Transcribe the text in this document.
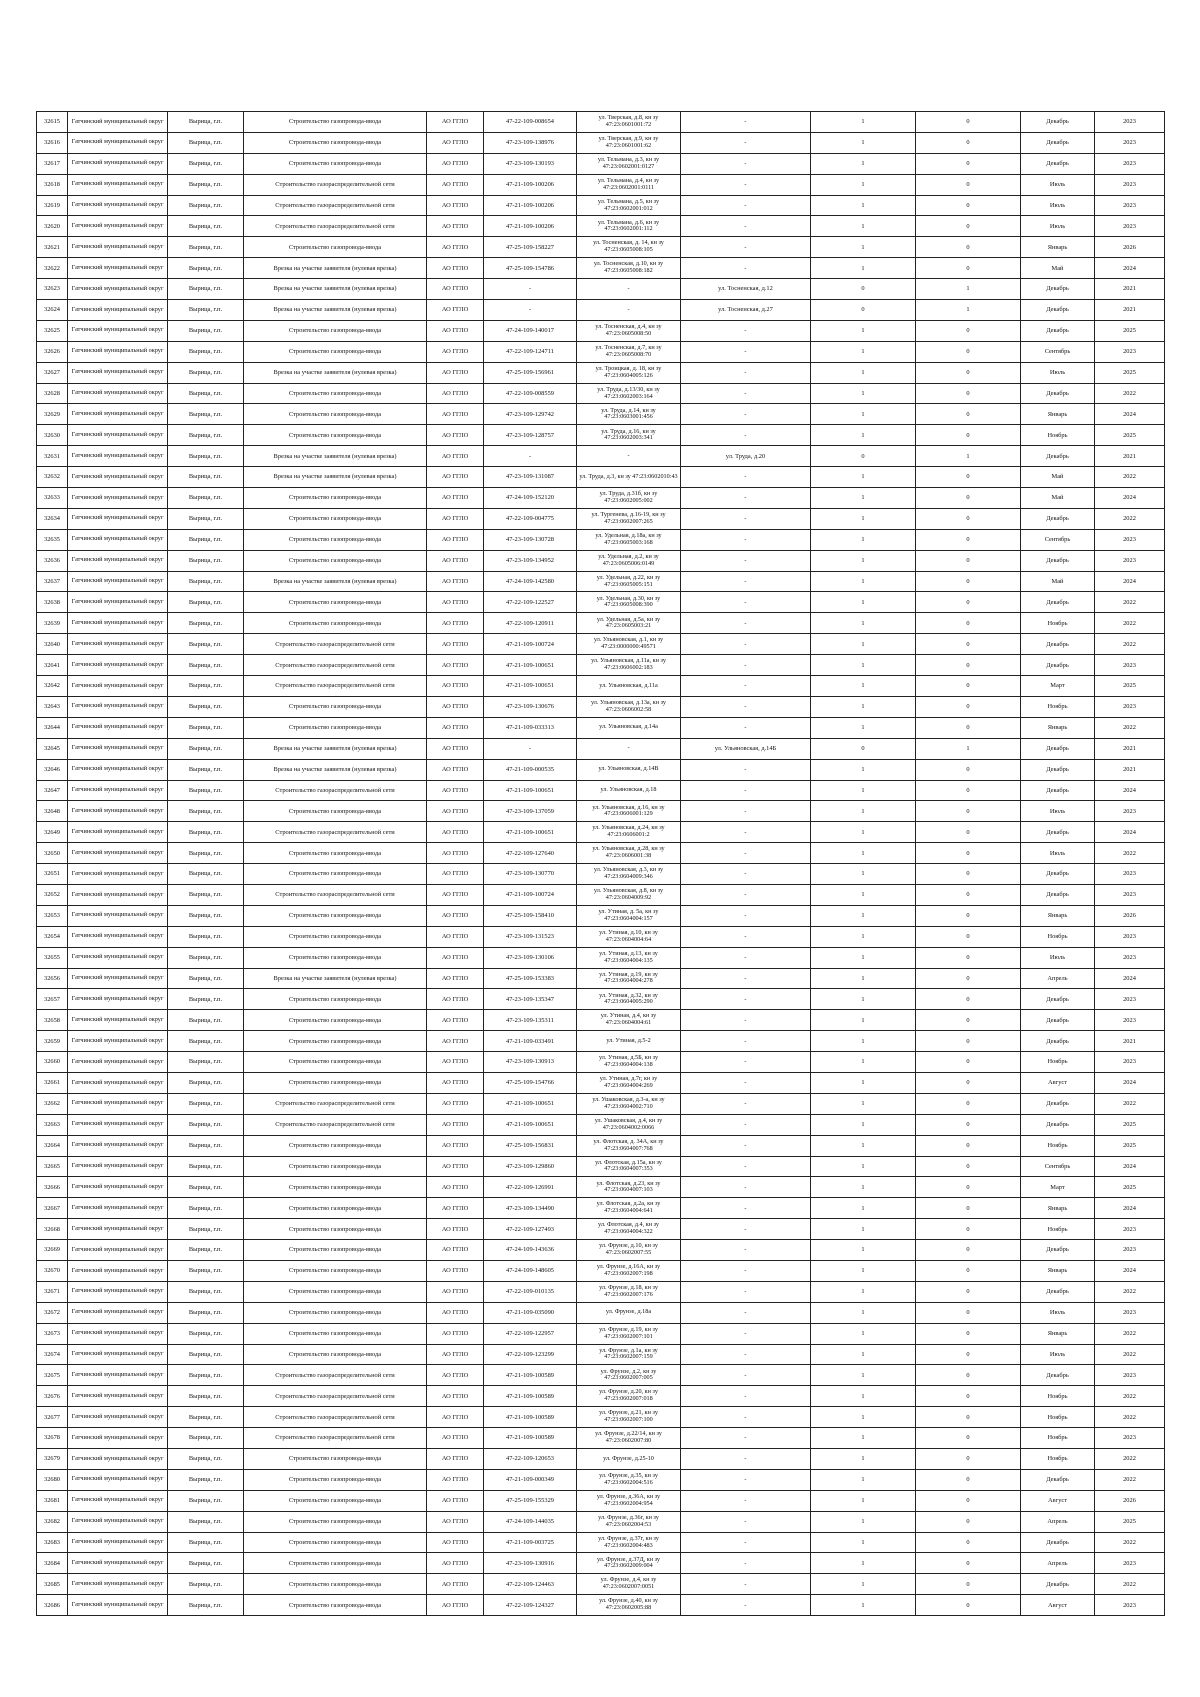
32615	Гатчинский муниципальный округ	Вырица, г.п.	Строительство газопровода-ввода	АО ГГЛО	47-22-109-008654	ул. Тверская, д.8, кн зу 47:23:0601001:72	-	1	0	Декабрь	2023
32616	Гатчинский муниципальный округ	Вырица, г.п.	Строительство газопровода-ввода	АО ГГЛО	47-23-109-138976	ул. Тверская, д.9, кн зу 47:23:0601001:62	-	1	0	Декабрь	2023
32617	Гатчинский муниципальный округ	Вырица, г.п.	Строительство газопровода-ввода	АО ГГЛО	47-23-109-130193	ул. Тельмана, д.3, кн зу 47:23:0602001:0127	-	1	0	Декабрь	2023
32618	Гатчинский муниципальный округ	Вырица, г.п.	Строительство газораспределительной сети	АО ГГЛО	47-21-109-100206	ул. Тельмана, д.4, кн зу 47:23:0602001:0111	-	1	0	Июль	2023
32619	Гатчинский муниципальный округ	Вырица, г.п.	Строительство газораспределительной сети	АО ГГЛО	47-21-109-100206	ул. Тельмана, д.5, кн зу 47:23:0602001:012	-	1	0	Июль	2023
32620	Гатчинский муниципальный округ	Вырица, г.п.	Строительство газораспределительной сети	АО ГГЛО	47-21-109-100206	ул. Тельмана, д.6, кн зу 47:23:0602001:112	-	1	0	Июль	2023
32621	Гатчинский муниципальный округ	Вырица, г.п.	Строительство газопровода-ввода	АО ГГЛО	47-25-109-158227	ул. Тосненская, д. 14, кн зу 47:23:0605008:105	-	1	0	Январь	2026
32622	Гатчинский муниципальный округ	Вырица, г.п.	Врезка на участке заявителя (нулевая врезка)	АО ГГЛО	47-25-109-154786	ул. Тосненская, д.10, кн зу 47:23:0605008:182	-	1	0	Май	2024
32623	Гатчинский муниципальный округ	Вырица, г.п.	Врезка на участке заявителя (нулевая врезка)	АО ГГЛО	-	-	ул. Тосненская, д.12	0	1	Декабрь	2021
32624	Гатчинский муниципальный округ	Вырица, г.п.	Врезка на участке заявителя (нулевая врезка)	АО ГГЛО	-	-	ул. Тосненская, д.27	0	1	Декабрь	2021
32625	Гатчинский муниципальный округ	Вырица, г.п.	Строительство газопровода-ввода	АО ГГЛО	47-24-109-140017	ул. Тосненская, д.4, кн зу 47:23:0605008:50	-	1	0	Декабрь	2025
32626	Гатчинский муниципальный округ	Вырица, г.п.	Строительство газопровода-ввода	АО ГГЛО	47-22-109-124711	ул. Тосненская, д.7, кн зу 47:23:0605008:70	-	1	0	Сентябрь	2023
32627	Гатчинский муниципальный округ	Вырица, г.п.	Врезка на участке заявителя (нулевая врезка)	АО ГГЛО	47-25-109-156961	ул. Троицкая, д. 18, кн зу 47:23:0604005:126	-	1	0	Июль	2025
32628	Гатчинский муниципальный округ	Вырица, г.п.	Строительство газопровода-ввода	АО ГГЛО	47-22-109-008559	ул. Труда, д.13/30, кн зу 47:23:0602003:164	-	1	0	Декабрь	2022
32629	Гатчинский муниципальный округ	Вырица, г.п.	Строительство газопровода-ввода	АО ГГЛО	47-23-109-129742	ул. Труда, д.14, кн зу 47:23:0603001:456	-	1	0	Январь	2024
32630	Гатчинский муниципальный округ	Вырица, г.п.	Строительство газопровода-ввода	АО ГГЛО	47-23-109-128757	ул. Труда, д.16, кн зу 47:23:0602003:341	-	1	0	Ноябрь	2025
32631	Гатчинский муниципальный округ	Вырица, г.п.	Врезка на участке заявителя (нулевая врезка)	АО ГГЛО	-	-	ул. Труда, д.20	0	1	Декабрь	2021
32632	Гатчинский муниципальный округ	Вырица, г.п.	Врезка на участке заявителя (нулевая врезка)	АО ГГЛО	47-23-109-131087	ул. Труда, д.3, кн зу 47:23:0602010:43	-	1	0	Май	2022
32633	Гатчинский муниципальный округ	Вырица, г.п.	Строительство газопровода-ввода	АО ГГЛО	47-24-109-152120	ул. Труда, д.31б, кн зу 47:23:0602005:002	-	1	0	Май	2024
32634	Гатчинский муниципальный округ	Вырица, г.п.	Строительство газопровода-ввода	АО ГГЛО	47-22-109-004775	ул. Тургенева, д.16-19, кн зу 47:23:0602007:265	-	1	0	Декабрь	2022
32635	Гатчинский муниципальный округ	Вырица, г.п.	Строительство газопровода-ввода	АО ГГЛО	47-23-109-130728	ул. Удельная, д.18а, кн зу 47:23:0605003:168	-	1	0	Сентябрь	2023
32636	Гатчинский муниципальный округ	Вырица, г.п.	Строительство газопровода-ввода	АО ГГЛО	47-23-109-134952	ул. Удельная, д.2, кн зу 47:23:0605006:0149	-	1	0	Декабрь	2023
32637	Гатчинский муниципальный округ	Вырица, г.п.	Врезка на участке заявителя (нулевая врезка)	АО ГГЛО	47-24-109-142580	ул. Удельная, д.22, кн зу 47:23:0605005:151	-	1	0	Май	2024
32638	Гатчинский муниципальный округ	Вырица, г.п.	Строительство газопровода-ввода	АО ГГЛО	47-22-109-122527	ул. Удельная, д.30, кн зу 47:23:0605008:390	-	1	0	Декабрь	2022
32639	Гатчинский муниципальный округ	Вырица, г.п.	Строительство газопровода-ввода	АО ГГЛО	47-22-109-120911	ул. Удельная, д.5а, кн зу 47:23:0605003:21	-	1	0	Ноябрь	2022
32640	Гатчинский муниципальный округ	Вырица, г.п.	Строительство газораспределительной сети	АО ГГЛО	47-21-109-100724	ул. Ульяновская, д.1, кн зу 47:23:0000000:49571	-	1	0	Декабрь	2022
32641	Гатчинский муниципальный округ	Вырица, г.п.	Строительство газораспределительной сети	АО ГГЛО	47-21-109-100651	ул. Ульяновская, д.11а, кн зу 47:23:0606002:183	-	1	0	Декабрь	2023
32642	Гатчинский муниципальный округ	Вырица, г.п.	Строительство газораспределительной сети	АО ГГЛО	47-21-109-100651	ул. Ульяновская, д.11а	-	1	0	Март	2025
32643	Гатчинский муниципальный округ	Вырица, г.п.	Строительство газопровода-ввода	АО ГГЛО	47-23-109-130676	ул. Ульяновская, д.13а, кн зу 47:23:0606002:58	-	1	0	Ноябрь	2023
32644	Гатчинский муниципальный округ	Вырица, г.п.	Строительство газопровода-ввода	АО ГГЛО	47-21-109-033313	ул. Ульяновская, д.14а	-	1	0	Январь	2022
32645	Гатчинский муниципальный округ	Вырица, г.п.	Врезка на участке заявителя (нулевая врезка)	АО ГГЛО	-	-	ул. Ульяновская, д.14Б	0	1	Декабрь	2021
32646	Гатчинский муниципальный округ	Вырица, г.п.	Врезка на участке заявителя (нулевая врезка)	АО ГГЛО	47-21-109-000535	ул. Ульяновская, д.14В	-	1	0	Декабрь	2021
32647	Гатчинский муниципальный округ	Вырица, г.п.	Строительство газораспределительной сети	АО ГГЛО	47-21-109-100651	ул. Ульяновская, д.18	-	1	0	Декабрь	2024
32648	Гатчинский муниципальный округ	Вырица, г.п.	Строительство газопровода-ввода	АО ГГЛО	47-23-109-137059	ул. Ульяновская, д.16, кн зу 47:23:0606001:129	-	1	0	Июль	2023
32649	Гатчинский муниципальный округ	Вырица, г.п.	Строительство газораспределительной сети	АО ГГЛО	47-21-109-100651	ул. Ульяновская, д.24, кн зу 47:23:0606001:2	-	1	0	Декабрь	2024
32650	Гатчинский муниципальный округ	Вырица, г.п.	Строительство газопровода-ввода	АО ГГЛО	47-22-109-127640	ул. Ульяновская, д.28, кн зу 47:23:0606001:38	-	1	0	Июль	2022
32651	Гатчинский муниципальный округ	Вырица, г.п.	Строительство газопровода-ввода	АО ГГЛО	47-23-109-130770	ул. Ульяновская, д.3, кн зу 47:23:0604009:346	-	1	0	Декабрь	2023
32652	Гатчинский муниципальный округ	Вырица, г.п.	Строительство газораспределительной сети	АО ГГЛО	47-21-109-100724	ул. Ульяновская, д.8, кн зу 47:23:0604009:92	-	1	0	Декабрь	2023
32653	Гатчинский муниципальный округ	Вырица, г.п.	Строительство газопровода-ввода	АО ГГЛО	47-25-109-158410	ул. Утиная, д. 5а, кн зу 47:23:0604004:157	-	1	0	Январь	2026
32654	Гатчинский муниципальный округ	Вырица, г.п.	Строительство газопровода-ввода	АО ГГЛО	47-23-109-131523	ул. Утиная, д.10, кн зу 47:23:0604004:64	-	1	0	Ноябрь	2023
32655	Гатчинский муниципальный округ	Вырица, г.п.	Строительство газопровода-ввода	АО ГГЛО	47-23-109-130106	ул. Утиная, д.13, кн зу 47:23:0604004:135	-	1	0	Июль	2023
32656	Гатчинский муниципальный округ	Вырица, г.п.	Врезка на участке заявителя (нулевая врезка)	АО ГГЛО	47-25-109-153383	ул. Утиная, д.19, кн зу 47:23:0604004:278	-	1	0	Апрель	2024
32657	Гатчинский муниципальный округ	Вырица, г.п.	Строительство газопровода-ввода	АО ГГЛО	47-23-109-135347	ул. Утиная, д.32, кн зу 47:23:0604005:290	-	1	0	Декабрь	2023
32658	Гатчинский муниципальный округ	Вырица, г.п.	Строительство газопровода-ввода	АО ГГЛО	47-23-109-135311	ул. Утиная, д.4, кн зу 47:23:0604004:61	-	1	0	Декабрь	2023
32659	Гатчинский муниципальный округ	Вырица, г.п.	Строительство газопровода-ввода	АО ГГЛО	47-21-109-033491	ул. Утиная, д.5-2	-	1	0	Декабрь	2021
32660	Гатчинский муниципальный округ	Вырица, г.п.	Строительство газопровода-ввода	АО ГГЛО	47-23-109-130913	ул. Утиная, д.5Б, кн зу 47:23:0604004:138	-	1	0	Ноябрь	2023
32661	Гатчинский муниципальный округ	Вырица, г.п.	Строительство газопровода-ввода	АО ГГЛО	47-25-109-154766	ул. Утиная, д.7г, кн зу 47:23:0604004:269	-	1	0	Август	2024
32662	Гатчинский муниципальный округ	Вырица, г.п.	Строительство газораспределительной сети	АО ГГЛО	47-21-109-100651	ул. Ушаковская, д.3-а, кн зу 47:23:0604002:710	-	1	0	Декабрь	2022
32663	Гатчинский муниципальный округ	Вырица, г.п.	Строительство газораспределительной сети	АО ГГЛО	47-21-109-100651	ул. Ушаковская, д.4, кн зу 47:23:0604002:0066	-	1	0	Декабрь	2025
32664	Гатчинский муниципальный округ	Вырица, г.п.	Строительство газопровода-ввода	АО ГГЛО	47-25-109-156831	ул. Флотская, д. 34А, кн зу 47:23:0604007:768	-	1	0	Ноябрь	2025
32665	Гатчинский муниципальный округ	Вырица, г.п.	Строительство газопровода-ввода	АО ГГЛО	47-23-109-129860	ул. Флотская, д.15а, кн зу 47:23:0604007:353	-	1	0	Сентябрь	2024
32666	Гатчинский муниципальный округ	Вырица, г.п.	Строительство газопровода-ввода	АО ГГЛО	47-22-109-126991	ул. Флотская, д.23, кн зу 47:23:0604007:103	-	1	0	Март	2025
32667	Гатчинский муниципальный округ	Вырица, г.п.	Строительство газопровода-ввода	АО ГГЛО	47-23-109-134490	ул. Флотская, д.2а, кн зу 47:23:0604004:641	-	1	0	Январь	2024
32668	Гатчинский муниципальный округ	Вырица, г.п.	Строительство газопровода-ввода	АО ГГЛО	47-22-109-127493	ул. Флотская, д.4, кн зу 47:23:0604004:322	-	1	0	Ноябрь	2023
32669	Гатчинский муниципальный округ	Вырица, г.п.	Строительство газопровода-ввода	АО ГГЛО	47-24-109-143636	ул. Фрунзе, д.10, кн зу 47:23:0602007:55	-	1	0	Декабрь	2023
32670	Гатчинский муниципальный округ	Вырица, г.п.	Строительство газопровода-ввода	АО ГГЛО	47-24-109-148605	ул. Фрунзе, д.16А, кн зу 47:23:0602007:198	-	1	0	Январь	2024
32671	Гатчинский муниципальный округ	Вырица, г.п.	Строительство газопровода-ввода	АО ГГЛО	47-22-109-010135	ул. Фрунзе, д.18, кн зу 47:23:0602007:176	-	1	0	Декабрь	2022
32672	Гатчинский муниципальный округ	Вырица, г.п.	Строительство газопровода-ввода	АО ГГЛО	47-21-109-035090	ул. Фрунзе, д.18а	-	1	0	Июль	2023
32673	Гатчинский муниципальный округ	Вырица, г.п.	Строительство газопровода-ввода	АО ГГЛО	47-22-109-122957	ул. Фрунзе, д.19, кн зу 47:23:0602007:101	-	1	0	Январь	2022
32674	Гатчинский муниципальный округ	Вырица, г.п.	Строительство газопровода-ввода	АО ГГЛО	47-22-109-123299	ул. Фрунзе, д.1а, кн зу 47:23:0602007:159	-	1	0	Июль	2022
32675	Гатчинский муниципальный округ	Вырица, г.п.	Строительство газораспределительной сети	АО ГГЛО	47-21-109-100589	ул. Фрунзе, д.2, кн зу 47:23:0602007:005	-	1	0	Декабрь	2023
32676	Гатчинский муниципальный округ	Вырица, г.п.	Строительство газораспределительной сети	АО ГГЛО	47-21-109-100589	ул. Фрунзе, д.20, кн зу 47:23:0602007:018	-	1	0	Ноябрь	2022
32677	Гатчинский муниципальный округ	Вырица, г.п.	Строительство газораспределительной сети	АО ГГЛО	47-21-109-100589	ул. Фрунзе, д.21, кн зу 47:23:0602007:100	-	1	0	Ноябрь	2022
32678	Гатчинский муниципальный округ	Вырица, г.п.	Строительство газораспределительной сети	АО ГГЛО	47-21-109-100589	ул. Фрунзе, д.22/14, кн зу 47:23:0602007:80	-	1	0	Ноябрь	2023
32679	Гатчинский муниципальный округ	Вырица, г.п.	Строительство газопровода-ввода	АО ГГЛО	47-22-109-120653	ул. Фрунзе, д.25-10	-	1	0	Ноябрь	2022
32680	Гатчинский муниципальный округ	Вырица, г.п.	Строительство газопровода-ввода	АО ГГЛО	47-21-109-000349	ул. Фрунзе, д.35, кн зу 47:23:0602004:516	-	1	0	Декабрь	2022
32681	Гатчинский муниципальный округ	Вырица, г.п.	Строительство газопровода-ввода	АО ГГЛО	47-25-109-155329	ул. Фрунзе, д.36А, кн зу 47:23:0602004:954	-	1	0	Август	2026
32682	Гатчинский муниципальный округ	Вырица, г.п.	Строительство газопровода-ввода	АО ГГЛО	47-24-109-144035	ул. Фрунзе, д.36г, кн зу 47:23:0602004:53	-	1	0	Апрель	2025
32683	Гатчинский муниципальный округ	Вырица, г.п.	Строительство газопровода-ввода	АО ГГЛО	47-21-109-003725	ул. Фрунзе, д.37г, кн зу 47:23:0602004:483	-	1	0	Декабрь	2022
32684	Гатчинский муниципальный округ	Вырица, г.п.	Строительство газопровода-ввода	АО ГГЛО	47-23-109-130916	ул. Фрунзе, д.37Д, кн зу 47:23:0602009:004	-	1	0	Апрель	2023
32685	Гатчинский муниципальный округ	Вырица, г.п.	Строительство газопровода-ввода	АО ГГЛО	47-22-109-124463	ул. Фрунзе, д.4, кн зу 47:23:0602007:0051	-	1	0	Декабрь	2022
32686	Гатчинский муниципальный округ	Вырица, г.п.	Строительство газопровода-ввода	АО ГГЛО	47-22-109-124327	ул. Фрунзе, д.40, кн зу 47:23:0602005:88	-	1	0	Август	2023
